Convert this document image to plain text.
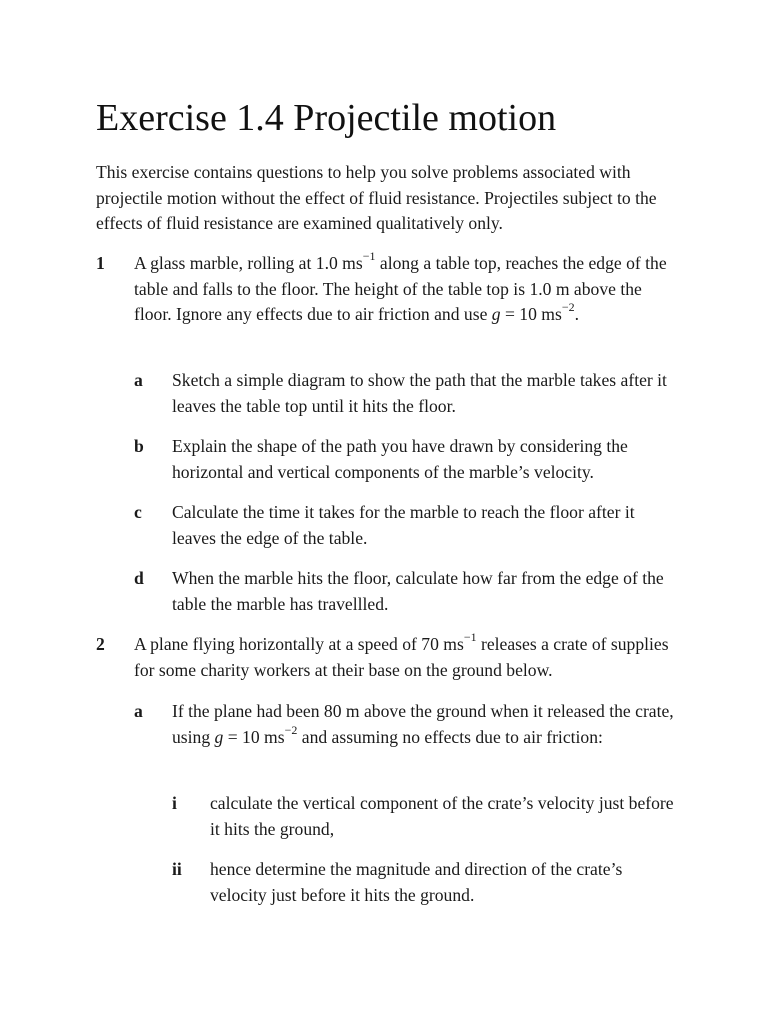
Exercise 1.4 Projectile motion

This exercise contains questions to help you solve problems associated with projectile motion without the effect of fluid resistance. Projectiles subject to the effects of fluid resistance are examined qualitatively only.

1 A glass marble, rolling at 1.0 $ms^{-1}$ along a table top, reaches the edge of the table and falls to the floor. The height of the table top is 1.0 m above the floor. Ignore any effects due to air friction and use g = 10 $ms^{-2}$.
a Sketch a simple diagram to show the path that the marble takes after it leaves the table top until it hits the floor.
b Explain the shape of the path you have drawn by considering the horizontal and vertical components of the marble’s velocity.
c Calculate the time it takes for the marble to reach the floor after it leaves the edge of the table.
d When the marble hits the floor, calculate how far from the edge of the table the marble has travellled.
2 A plane flying horizontally at a speed of 70 $ms^{-1}$ releases a crate of supplies for some charity workers at their base on the ground below.
a If the plane had been 80 m above the ground when it released the crate, using g = 10 $ms^{-2}$ and assuming no effects due to air friction:
i calculate the vertical component of the crate’s velocity just before it hits the ground,
ii hence determine the magnitude and direction of the crate’s velocity just before it hits the ground.
